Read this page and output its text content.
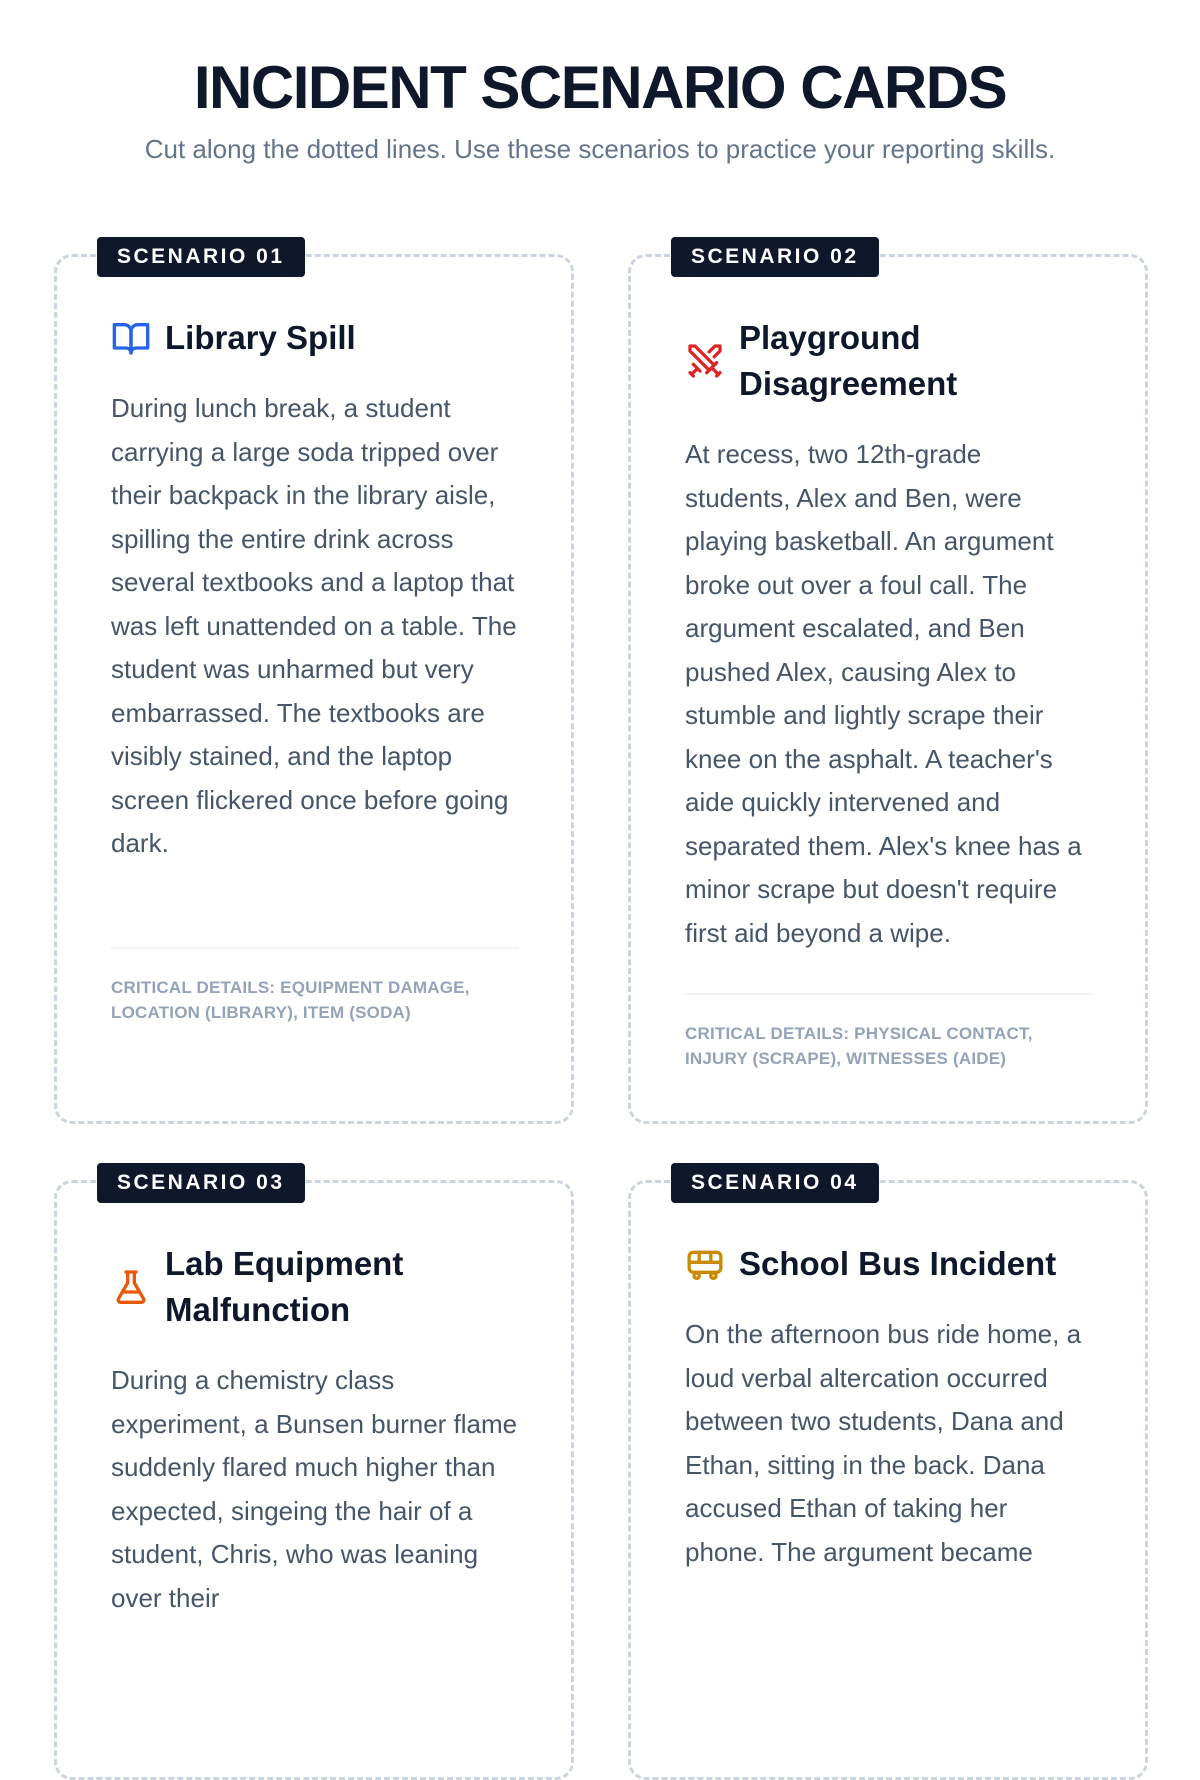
INCIDENT SCENARIO CARDS

Cut along the dotted lines. Use these scenarios to practice your reporting skills.

SCENARIO 01
Library Spill

During lunch break, a student carrying a large soda tripped over their backpack in the library aisle, spilling the entire drink across several textbooks and a laptop that was left unattended on a table. The student was unharmed but very embarrassed. The textbooks are visibly stained, and the laptop screen flickered once before going dark.

CRITICAL DETAILS: EQUIPMENT DAMAGE, LOCATION (LIBRARY), ITEM (SODA)

SCENARIO 02
Playground Disagreement

At recess, two 12th-grade students, Alex and Ben, were playing basketball. An argument broke out over a foul call. The argument escalated, and Ben pushed Alex, causing Alex to stumble and lightly scrape their knee on the asphalt. A teacher's aide quickly intervened and separated them. Alex's knee has a minor scrape but doesn't require first aid beyond a wipe.

CRITICAL DETAILS: PHYSICAL CONTACT, INJURY (SCRAPE), WITNESSES (AIDE)

SCENARIO 03
Lab Equipment Malfunction

During a chemistry class experiment, a Bunsen burner flame suddenly flared much higher than expected, singeing the hair of a student, Chris, who was leaning over their

SCENARIO 04
School Bus Incident

On the afternoon bus ride home, a loud verbal altercation occurred between two students, Dana and Ethan, sitting in the back. Dana accused Ethan of taking her phone. The argument became
